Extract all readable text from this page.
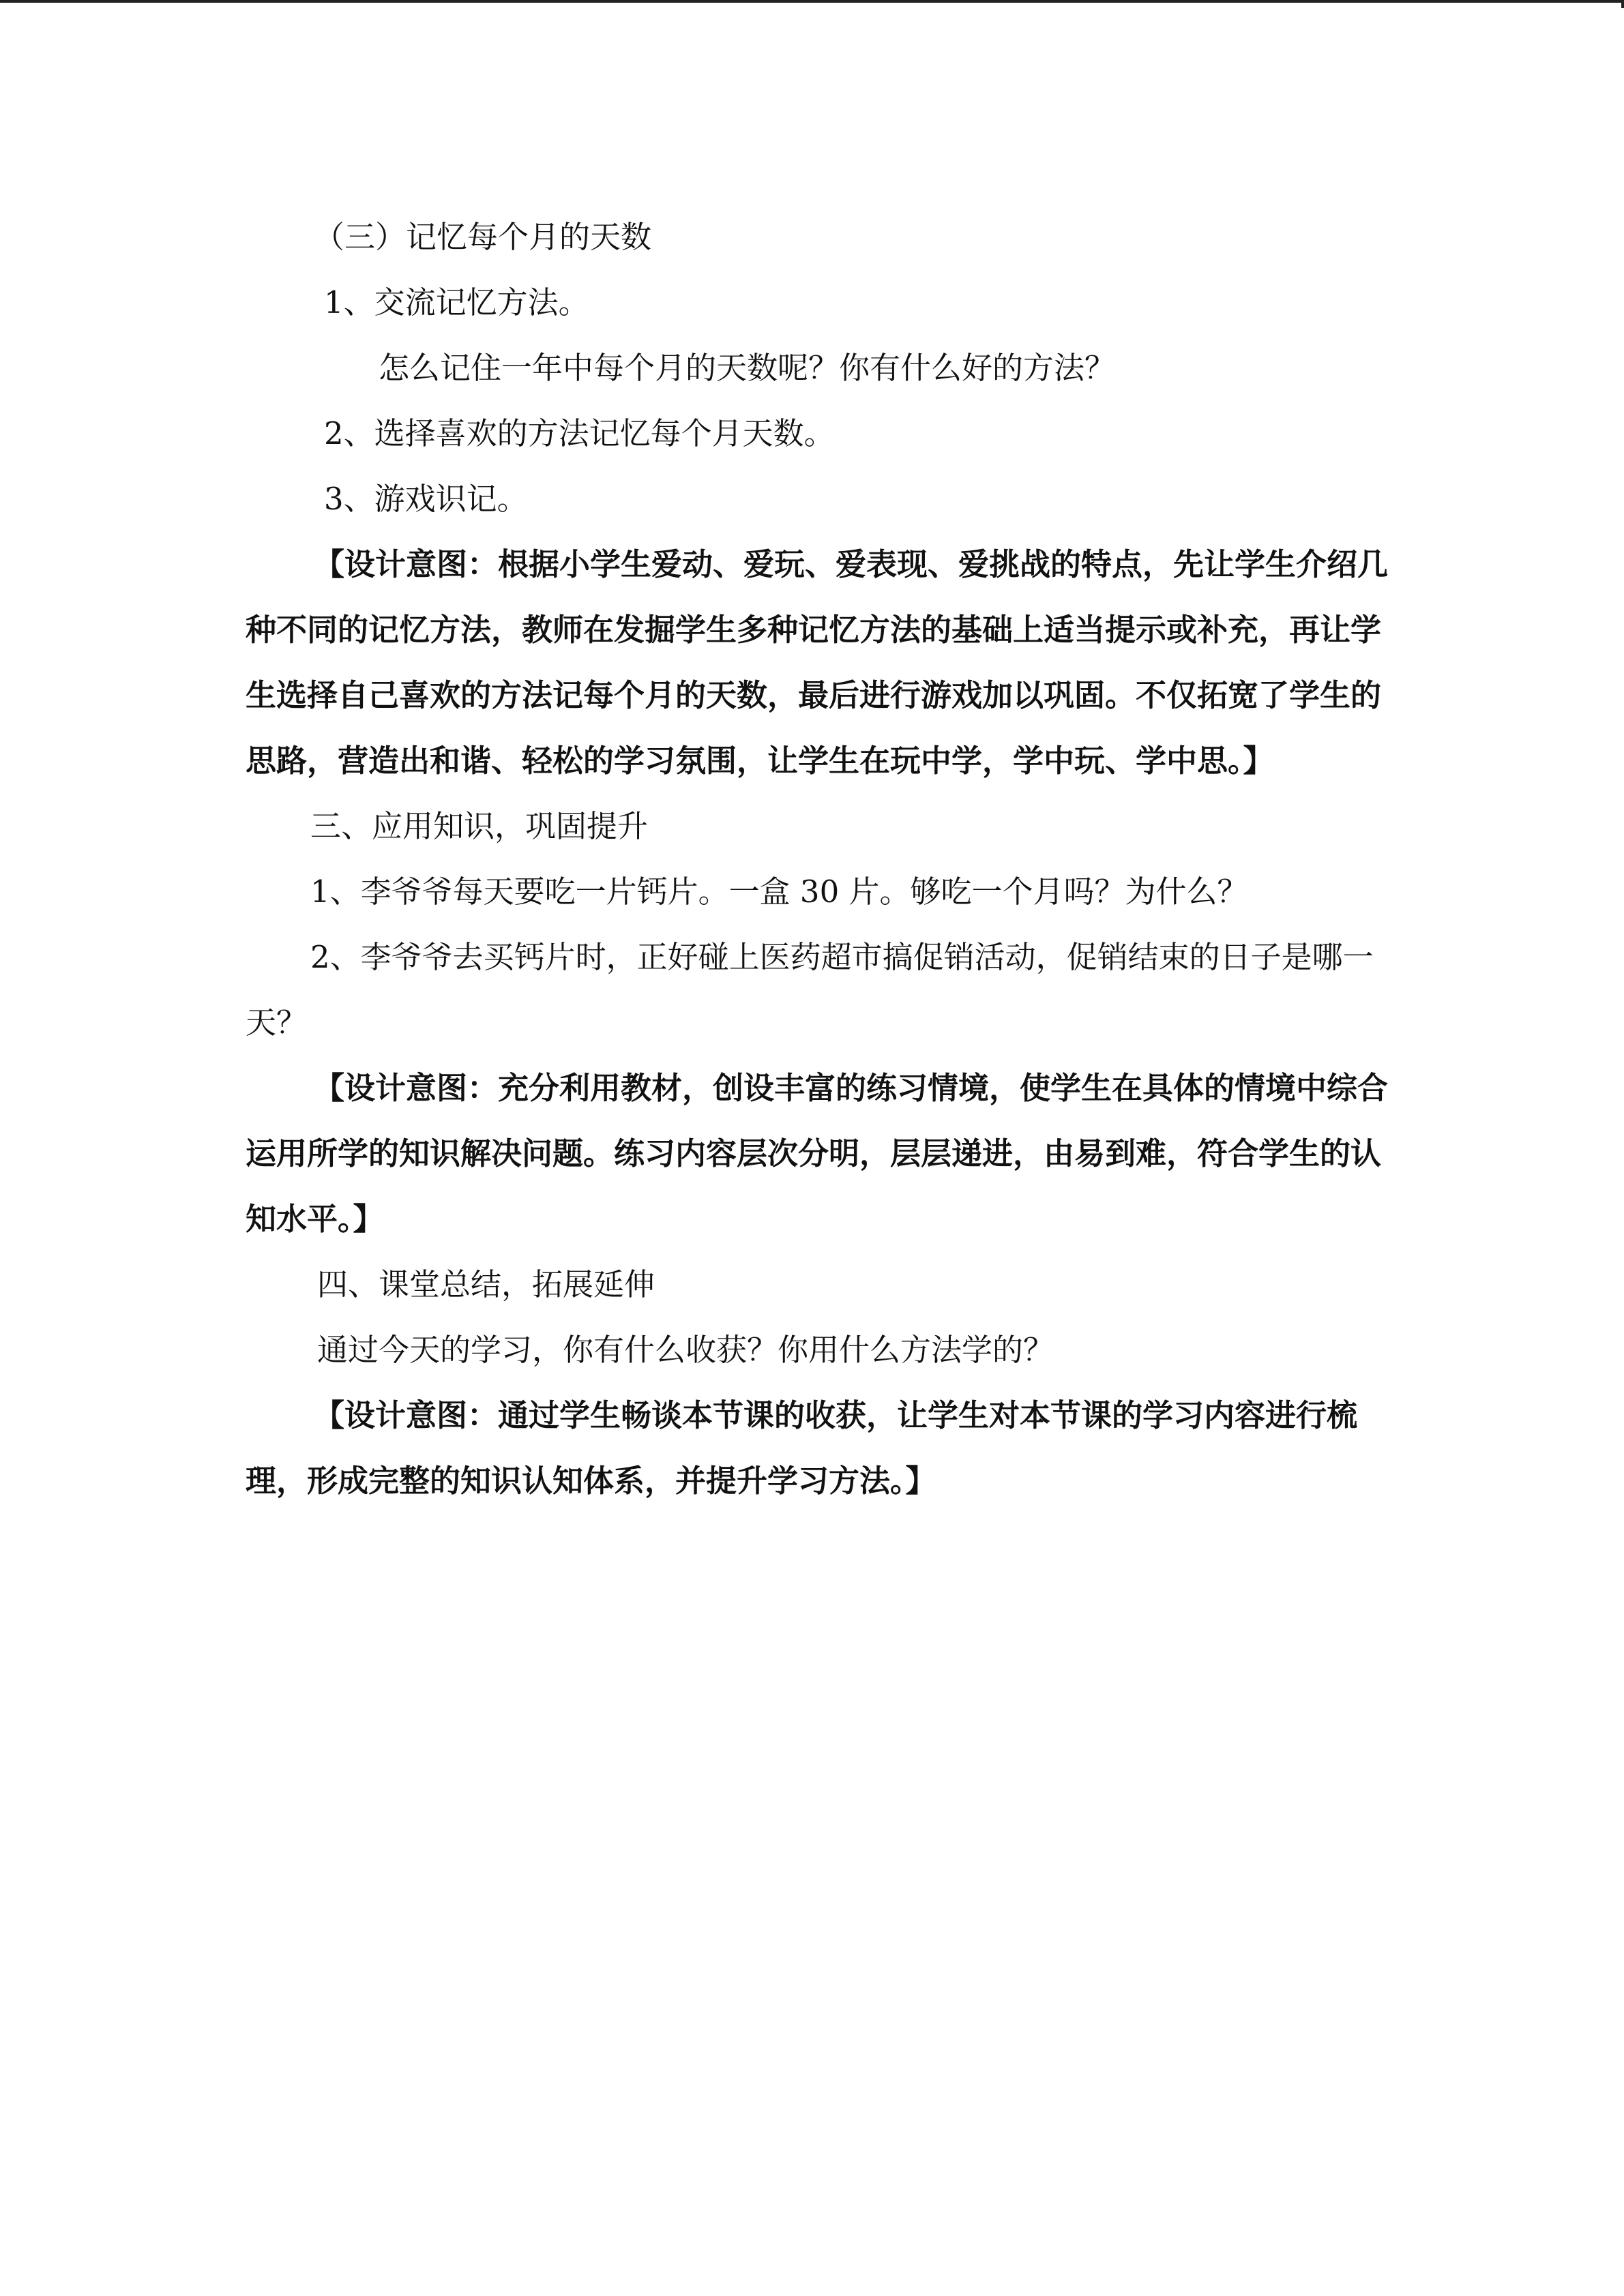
（三）记忆每个月的天数
1、交流记忆方法。
怎么记住一年中每个月的天数呢？你有什么好的方法？
2、选择喜欢的方法记忆每个月天数。
3、游戏识记。
【设计意图：根据小学生爱动、爱玩、爱表现、爱挑战的特点，先让学生介绍几种不同的记忆方法，教师在发掘学生多种记忆方法的基础上适当提示或补充，再让学生选择自己喜欢的方法记每个月的天数，最后进行游戏加以巩固。不仅拓宽了学生的思路，营造出和谐、轻松的学习氛围，让学生在玩中学，学中玩、学中思。】
三、应用知识，巩固提升
1、李爷爷每天要吃一片钙片。一盒 30 片。够吃一个月吗？为什么？
2、李爷爷去买钙片时，正好碰上医药超市搞促销活动，促销结束的日子是哪一天？
【设计意图：充分利用教材，创设丰富的练习情境，使学生在具体的情境中综合运用所学的知识解决问题。练习内容层次分明，层层递进，由易到难，符合学生的认知水平。】
四、课堂总结，拓展延伸
通过今天的学习，你有什么收获？你用什么方法学的？
【设计意图：通过学生畅谈本节课的收获，让学生对本节课的学习内容进行梳理，形成完整的知识认知体系，并提升学习方法。】
